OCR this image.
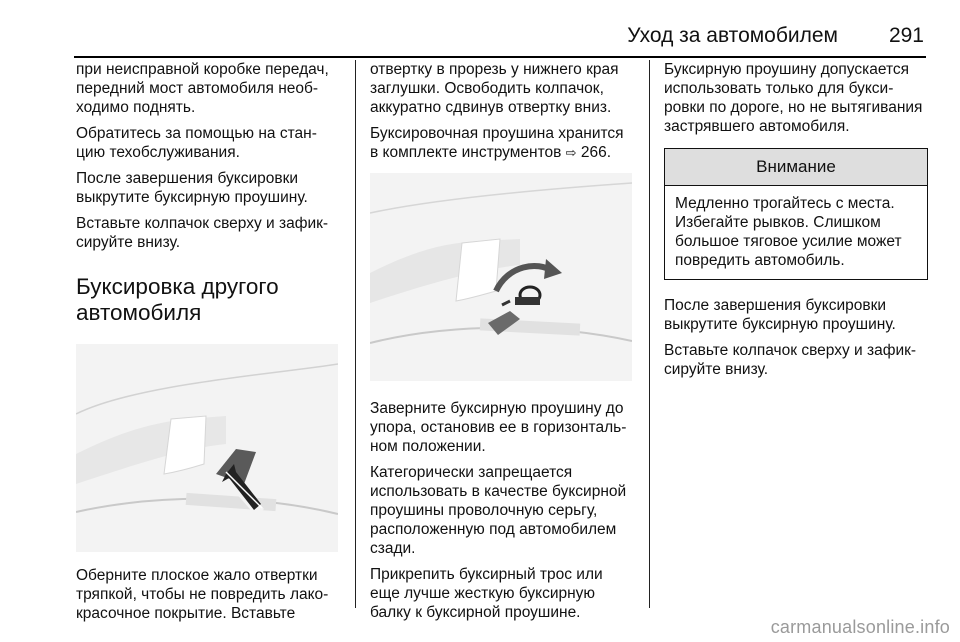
Уход за автомобилем 291

при неисправной коробке передач, передний мост автомобиля необ-ходимо поднять.

Обратитесь за помощью на стан-цию техобслуживания.

После завершения буксировки выкрутите буксирную проушину.

Вставьте колпачок сверху и зафик-сируйте внизу.

Буксировка другого автомобиля

Оберните плоское жало отвертки тряпкой, чтобы не повредить лако-красочное покрытие. Вставьте

отвертку в прорезь у нижнего края заглушки. Освободить колпачок, аккуратно сдвинув отвертку вниз.

Буксировочная проушина хранится в комплекте инструментов ⇨ 266.

Заверните буксирную проушину до упора, остановив ее в горизонталь-ном положении.

Категорически запрещается использовать в качестве буксирной проушины проволочную серьгу, расположенную под автомобилем сзади.

Прикрепить буксирный трос или еще лучше жесткую буксирную балку к буксирной проушине.

Буксирную проушину допускается использовать только для букси-ровки по дороге, но не вытягивания застрявшего автомобиля.

Внимание
Медленно трогайтесь с места. Избегайте рывков. Слишком большое тяговое усилие может повредить автомобиль.

После завершения буксировки выкрутите буксирную проушину.

Вставьте колпачок сверху и зафик-сируйте внизу.

carmanualsonline.info
